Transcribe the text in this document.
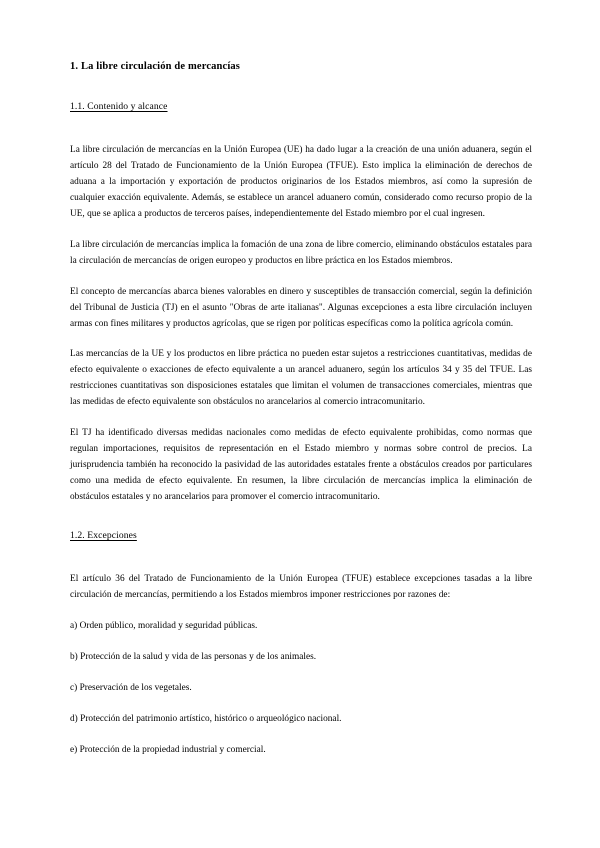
1. La libre circulación de mercancías
1.1. Contenido y alcance

La libre circulación de mercancías en la Unión Europea (UE) ha dado lugar a la creación de una unión aduanera, según el artículo 28 del Tratado de Funcionamiento de la Unión Europea (TFUE). Esto implica la eliminación de derechos de aduana a la importación y exportación de productos originarios de los Estados miembros, así como la supresión de cualquier exacción equivalente. Además, se establece un arancel aduanero común, considerado como recurso propio de la UE, que se aplica a productos de terceros países, independientemente del Estado miembro por el cual ingresen.

La libre circulación de mercancías implica la fomación de una zona de libre comercio, eliminando obstáculos estatales para la circulación de mercancías de origen europeo y productos en libre práctica en los Estados miembros.

El concepto de mercancías abarca bienes valorables en dinero y susceptibles de transacción comercial, según la definición del Tribunal de Justicia (TJ) en el asunto "Obras de arte italianas". Algunas excepciones a esta libre circulación incluyen armas con fines militares y productos agrícolas, que se rigen por políticas específicas como la política agrícola común.

Las mercancías de la UE y los productos en libre práctica no pueden estar sujetos a restricciones cuantitativas, medidas de efecto equivalente o exacciones de efecto equivalente a un arancel aduanero, según los artículos 34 y 35 del TFUE. Las restricciones cuantitativas son disposiciones estatales que limitan el volumen de transacciones comerciales, mientras que las medidas de efecto equivalente son obstáculos no arancelarios al comercio intracomunitario.

El TJ ha identificado diversas medidas nacionales como medidas de efecto equivalente prohibidas, como normas que regulan importaciones, requisitos de representación en el Estado miembro y normas sobre control de precios. La jurisprudencia también ha reconocido la pasividad de las autoridades estatales frente a obstáculos creados por particulares como una medida de efecto equivalente. En resumen, la libre circulación de mercancías implica la eliminación de obstáculos estatales y no arancelarios para promover el comercio intracomunitario.

1.2. Excepciones

El artículo 36 del Tratado de Funcionamiento de la Unión Europea (TFUE) establece excepciones tasadas a la libre circulación de mercancías, permitiendo a los Estados miembros imponer restricciones por razones de:

a) Orden público, moralidad y seguridad públicas.

b) Protección de la salud y vida de las personas y de los animales.

c) Preservación de los vegetales.

d) Protección del patrimonio artístico, histórico o arqueológico nacional.

e) Protección de la propiedad industrial y comercial.
